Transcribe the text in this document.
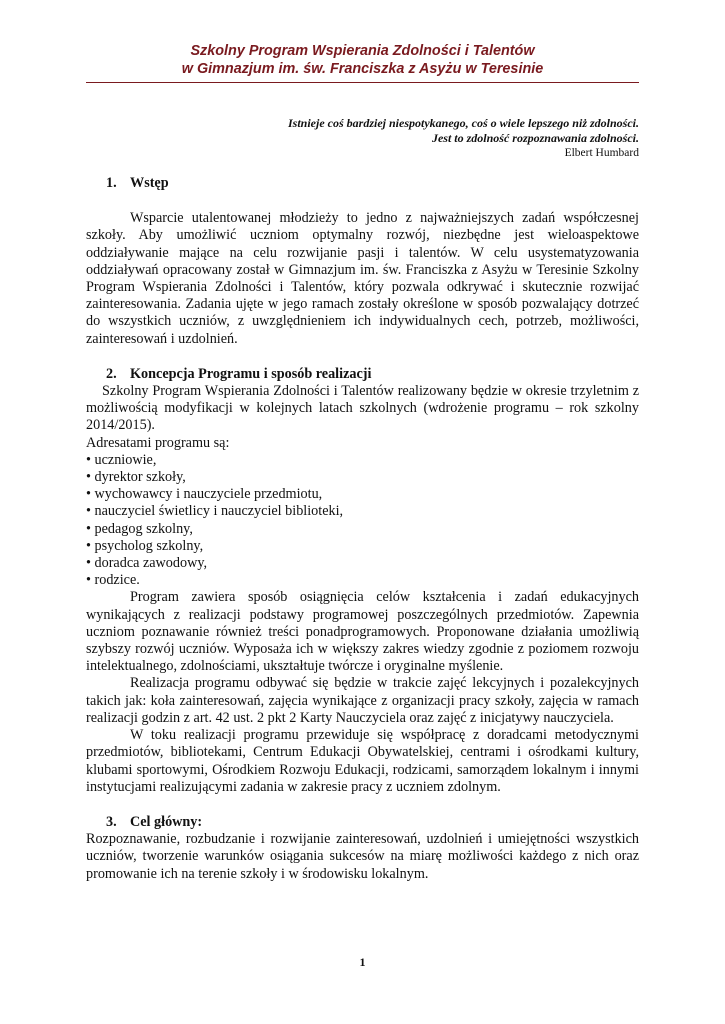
Szkolny Program Wspierania Zdolności i Talentów
w Gimnazjum im. św. Franciszka z Asyżu w Teresinie
Istnieje coś bardziej niespotykanego, coś o wiele lepszego niż zdolności.
Jest to zdolność rozpoznawania zdolności.
Elbert Humbard
1. Wstęp

Wsparcie utalentowanej młodzieży to jedno z najważniejszych zadań współczesnej szkoły. Aby umożliwić uczniom optymalny rozwój, niezbędne jest wieloaspektowe oddziaływanie mające na celu rozwijanie pasji i talentów. W celu usystematyzowania oddziaływań opracowany został w Gimnazjum im. św. Franciszka z Asyżu w Teresinie Szkolny Program Wspierania Zdolności i Talentów, który pozwala odkrywać i skutecznie rozwijać zainteresowania. Zadania ujęte w jego ramach zostały określone w sposób pozwalający dotrzeć do wszystkich uczniów, z uwzględnieniem ich indywidualnych cech, potrzeb, możliwości, zainteresowań i uzdolnień.

2. Koncepcja Programu i sposób realizacji

Szkolny Program Wspierania Zdolności i Talentów realizowany będzie w okresie trzyletnim z możliwością modyfikacji w kolejnych latach szkolnych (wdrożenie programu – rok szkolny 2014/2015).

Adresatami programu są:

• uczniowie,
• dyrektor szkoły,
• wychowawcy i nauczyciele przedmiotu,
• nauczyciel świetlicy i nauczyciel biblioteki,
• pedagog szkolny,
• psycholog szkolny,
• doradca zawodowy,
• rodzice.

Program zawiera sposób osiągnięcia celów kształcenia i zadań edukacyjnych wynikających z realizacji podstawy programowej poszczególnych przedmiotów. Zapewnia uczniom poznawanie również treści ponadprogramowych. Proponowane działania umożliwią szybszy rozwój uczniów. Wyposaża ich w większy zakres wiedzy zgodnie z poziomem rozwoju intelektualnego, zdolnościami, ukształtuje twórcze i oryginalne myślenie.

Realizacja programu odbywać się będzie w trakcie zajęć lekcyjnych i pozalekcyjnych takich jak: koła zainteresowań, zajęcia wynikające z organizacji pracy szkoły, zajęcia w ramach realizacji godzin z art. 42 ust. 2 pkt 2 Karty Nauczyciela oraz zajęć z inicjatywy nauczyciela.

W toku realizacji programu przewiduje się współpracę z doradcami metodycznymi przedmiotów, bibliotekami, Centrum Edukacji Obywatelskiej, centrami i ośrodkami kultury, klubami sportowymi, Ośrodkiem Rozwoju Edukacji, rodzicami, samorządem lokalnym i innymi instytucjami realizującymi zadania w zakresie pracy z uczniem zdolnym.

3. Cel główny:

Rozpoznawanie, rozbudzanie i rozwijanie zainteresowań, uzdolnień i umiejętności wszystkich uczniów, tworzenie warunków osiągania sukcesów na miarę możliwości każdego z nich oraz promowanie ich na terenie szkoły i w środowisku lokalnym.

1
